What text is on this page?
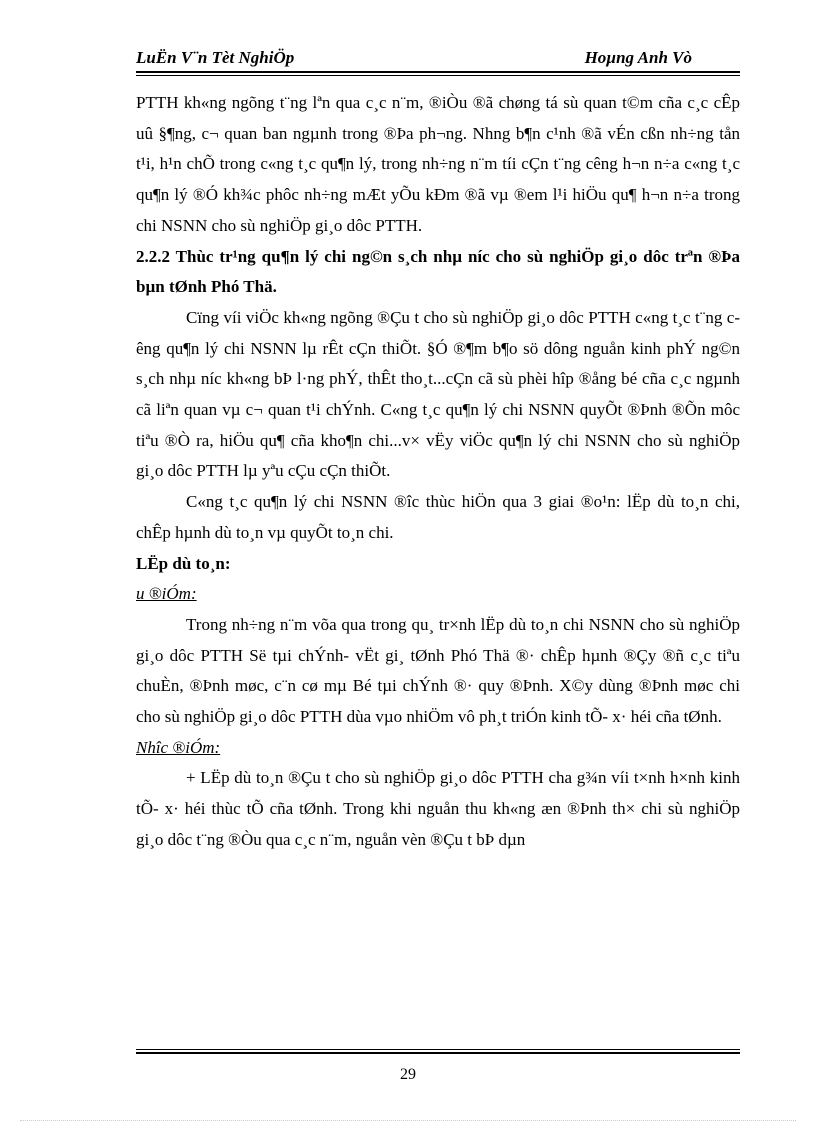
LuËn V¨n Tèt NghiÖp	Hoµng Anh Vò

PTTH kh«ng ngõng t¨ng lªn qua c¸c n¨m, ®iÒu ®ã chøng tá sù quan t©m cña c¸c cÊp uû §¶ng, c¬ quan ban ngµnh trong ®Þa ph¬ng. Nhng b¶n c¹nh ®ã vÉn cßn nh÷ng tån t¹i, h¹n chÕ trong c«ng t¸c qu¶n lý, trong nh÷ng n¨m tíi cÇn t¨ng cêng h¬n n÷a c«ng t¸c qu¶n lý ®Ó kh¾c phôc nh÷ng mÆt yÕu kÐm ®ã vµ ®em l¹i hiÖu qu¶ h¬n n÷a trong chi NSNN cho sù nghiÖp gi¸o dôc PTTH.

2.2.2 Thùc tr¹ng qu¶n lý chi ng©n s¸ch nhµ níc cho sù nghiÖp gi¸o dôc trªn ®Þa bµn tØnh Phó Thä.

Cïng víi viÖc kh«ng ngõng ®Çu t cho sù nghiÖp gi¸o dôc PTTH c«ng t¸c t¨ng cêng qu¶n lý chi NSNN lµ rÊt cÇn thiÕt. §Ó ®¶m b¶o sö dông nguån kinh phÝ ng©n s¸ch nhµ níc kh«ng bÞ l·ng phÝ, thÊt tho¸t...cÇn cã sù phèi hîp ®ång bé cña c¸c ngµnh cã liªn quan vµ c¬ quan t¹i chÝnh. C«ng t¸c qu¶n lý chi NSNN quyÕt ®Þnh ®Õn môc tiªu ®Ò ra, hiÖu qu¶ cña kho¶n chi...v× vËy viÖc qu¶n lý chi NSNN cho sù nghiÖp gi¸o dôc PTTH lµ yªu cÇu cÇn thiÕt.

C«ng t¸c qu¶n lý chi NSNN ®îc thùc hiÖn qua 3 giai ®o¹n: lËp dù to¸n chi, chÊp hµnh dù to¸n vµ quyÕt to¸n chi.

LËp dù to¸n:

u ®iÓm:

Trong nh÷ng n¨m võa qua trong qu¸ tr×nh lËp dù to¸n chi NSNN cho sù nghiÖp gi¸o dôc PTTH Së tµi chÝnh- vËt gi¸ tØnh Phó Thä ®· chÊp hµnh ®Çy ®ñ c¸c tiªu chuÈn, ®Þnh møc, c¨n cø mµ Bé tµi chÝnh ®· quy ®Þnh. X©y dùng ®Þnh møc chi cho sù nghiÖp gi¸o dôc PTTH dùa vµo nhiÖm vô ph¸t triÓn kinh tÕ- x· héi cña tØnh.

Nhîc ®iÓm:

+ LËp dù to¸n ®Çu t cho sù nghiÖp gi¸o dôc PTTH cha g¾n víi t×nh h×nh kinh tÕ- x· héi thùc tÕ cña tØnh. Trong khi nguån thu kh«ng æn ®Þnh th× chi sù nghiÖp gi¸o dôc t¨ng ®Òu qua c¸c n¨m, nguån vèn ®Çu t bÞ dµn

29
